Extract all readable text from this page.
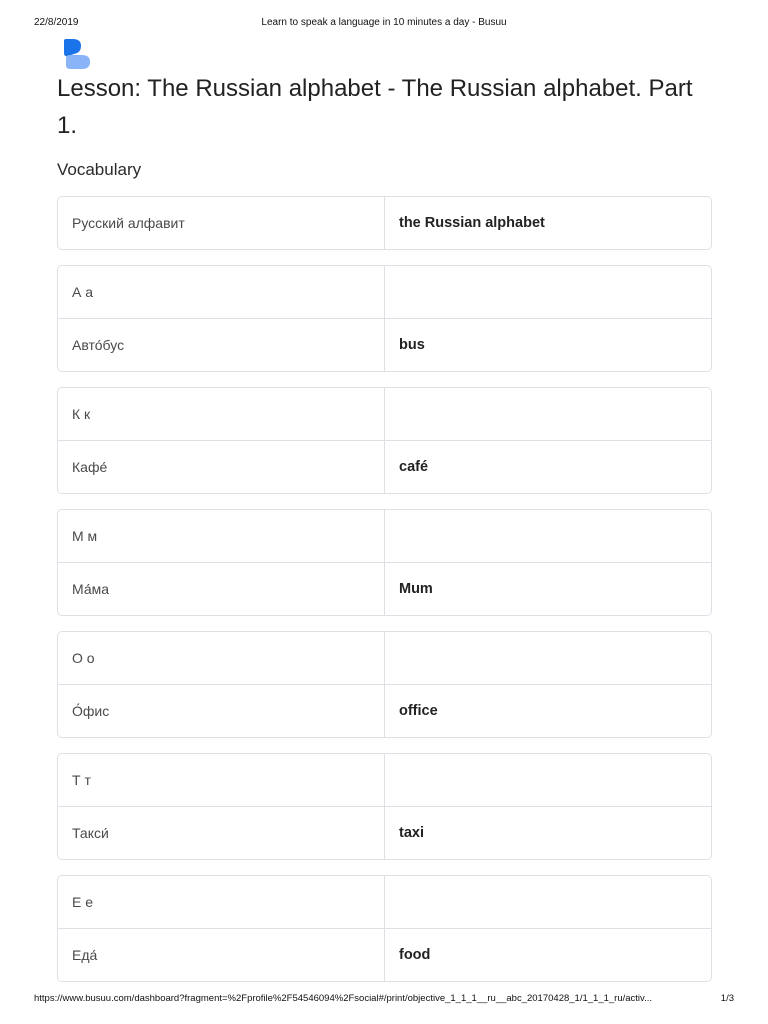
22/8/2019	Learn to speak a language in 10 minutes a day - Busuu
Lesson: The Russian alphabet - The Russian alphabet. Part 1.
Vocabulary
Русский алфавит	the Russian alphabet
А а
Авто́бус	bus
К к
Кафе́	café
М м
Ма́ма	Mum
О о
О́фис	office
Т т
Такси́	taxi
Е е
Еда́	food
https://www.busuu.com/dashboard?fragment=%2Fprofile%2F54546094%2Fsocial#/print/objective_1_1_1__ru__abc_20170428_1/1_1_1_ru/activ...	1/3
